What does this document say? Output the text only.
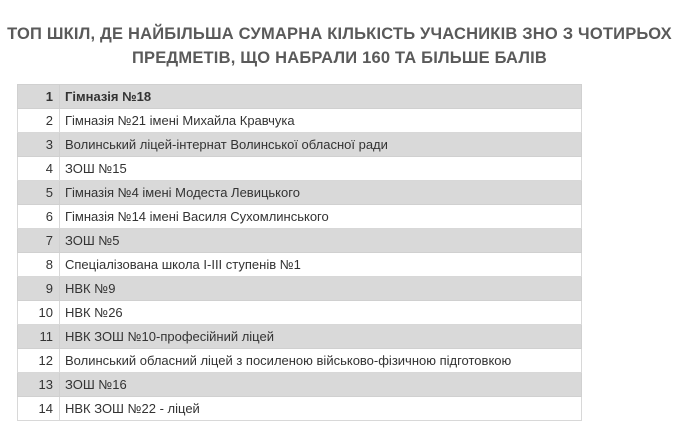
ТОП ШКІЛ, ДЕ НАЙБІЛЬША СУМАРНА КІЛЬКІСТЬ УЧАСНИКІВ ЗНО З ЧОТИРЬОХ
ПРЕДМЕТІВ, ЩО НАБРАЛИ 160 ТА БІЛЬШЕ БАЛІВ
1	Гімназія №18
2	Гімназія №21 імені Михайла Кравчука
3	Волинський ліцей-інтернат Волинської обласної ради
4	ЗОШ №15
5	Гімназія №4 імені Модеста Левицького
6	Гімназія №14 імені Василя Сухомлинського
7	ЗОШ №5
8	Спеціалізована школа І-ІІІ ступенів №1
9	НВК №9
10	НВК №26
11	НВК ЗОШ №10-професійний ліцей
12	Волинський обласний ліцей з посиленою військово-фізичною підготовкою
13	ЗОШ №16
14	НВК ЗОШ №22 - ліцей
